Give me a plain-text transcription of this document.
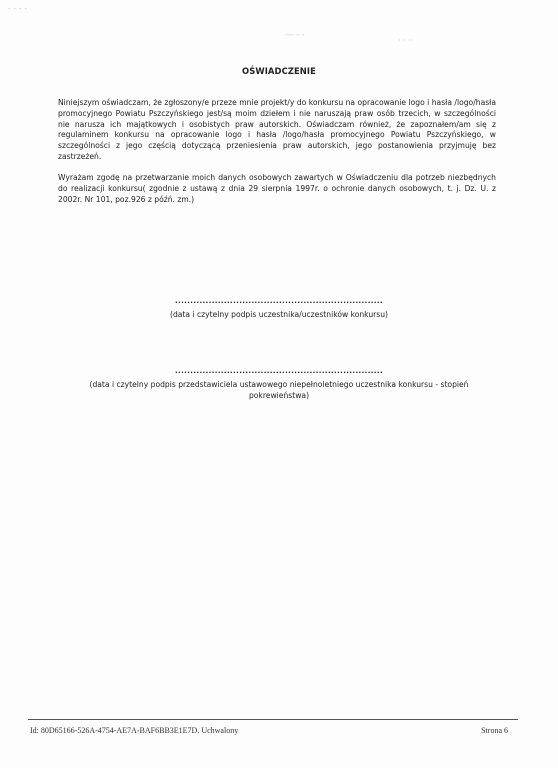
‐ ‐ ‐ ‐
‐‐‐ ‐ ‐
· · ··
OŚWIADCZENIE

Niniejszym oświadczam, że zgłoszony/e przeze mnie projekt/y do konkursu na opracowanie logo i hasła /logo/hasła promocyjnego Powiatu Pszczyńskiego jest/są moim dziełem i nie naruszają praw osób trzecich, w szczególności nie narusza ich majątkowych i osobistych praw autorskich. Oświadczam również, że zapoznałem/am się z regulaminem konkursu na opracowanie logo i hasła /logo/hasła promocyjnego Powiatu Pszczyńskiego, w szczególności z jego częścią dotyczącą przeniesienia praw autorskich, jego postanowienia przyjmuję bez zastrzeżeń.

Wyrażam zgodę na przetwarzanie moich danych osobowych zawartych w Oświadczeniu dla potrzeb niezbędnych do realizacji konkursu( zgodnie z ustawą z dnia 29 sierpnia 1997r. o ochronie danych osobowych, t. j. Dz. U. z 2002r. Nr 101, poz.926 z późń. zm.)

....................................................................
(data i czytelny podpis uczestnika/uczestników konkursu)
....................................................................
(data i czytelny podpis przedstawiciela ustawowego niepełnoletniego uczestnika konkursu - stopień pokrewieństwa)
Id: 80D65166-526A-4754-AE7A-BAF6BB3E1E7D. Uchwalony	Strona 6
